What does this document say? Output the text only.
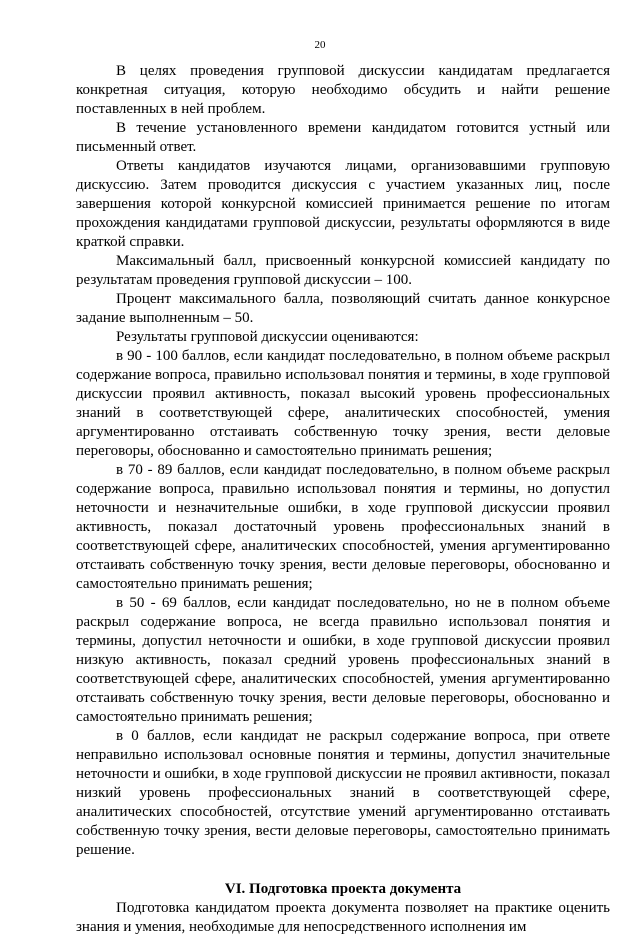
20

В целях проведения групповой дискуссии кандидатам предлагается конкретная ситуация, которую необходимо обсудить и найти решение поставленных в ней проблем.

В течение установленного времени кандидатом готовится устный или письменный ответ.

Ответы кандидатов изучаются лицами, организовавшими групповую дискуссию. Затем проводится дискуссия с участием указанных лиц, после завершения которой конкурсной комиссией принимается решение по итогам прохождения кандидатами групповой дискуссии, результаты оформляются в виде краткой справки.

Максимальный балл, присвоенный конкурсной комиссией кандидату по результатам проведения групповой дискуссии – 100.

Процент максимального балла, позволяющий считать данное конкурсное задание выполненным – 50.

Результаты групповой дискуссии оцениваются:

в 90 - 100 баллов, если кандидат последовательно, в полном объеме раскрыл содержание вопроса, правильно использовал понятия и термины, в ходе групповой дискуссии проявил активность, показал высокий уровень профессиональных знаний в соответствующей сфере, аналитических способностей, умения аргументированно отстаивать собственную точку зрения, вести деловые переговоры, обоснованно и самостоятельно принимать решения;

в 70 - 89 баллов, если кандидат последовательно, в полном объеме раскрыл содержание вопроса, правильно использовал понятия и термины, но допустил неточности и незначительные ошибки, в ходе групповой дискуссии проявил активность, показал достаточный уровень профессиональных знаний в соответствующей сфере, аналитических способностей, умения аргументированно отстаивать собственную точку зрения, вести деловые переговоры, обоснованно и самостоятельно принимать решения;

в 50 - 69 баллов, если кандидат последовательно, но не в полном объеме раскрыл содержание вопроса, не всегда правильно использовал понятия и термины, допустил неточности и ошибки, в ходе групповой дискуссии проявил низкую активность, показал средний уровень профессиональных знаний в соответствующей сфере, аналитических способностей, умения аргументированно отстаивать собственную точку зрения, вести деловые переговоры, обоснованно и самостоятельно принимать решения;

в 0 баллов, если кандидат не раскрыл содержание вопроса, при ответе неправильно использовал основные понятия и термины, допустил значительные неточности и ошибки, в ходе групповой дискуссии не проявил активности, показал низкий уровень профессиональных знаний в соответствующей сфере, аналитических способностей, отсутствие умений аргументированно отстаивать собственную точку зрения, вести деловые переговоры, самостоятельно принимать решение.

VI. Подготовка проекта документа

Подготовка кандидатом проекта документа позволяет на практике оценить знания и умения, необходимые для непосредственного исполнения им
